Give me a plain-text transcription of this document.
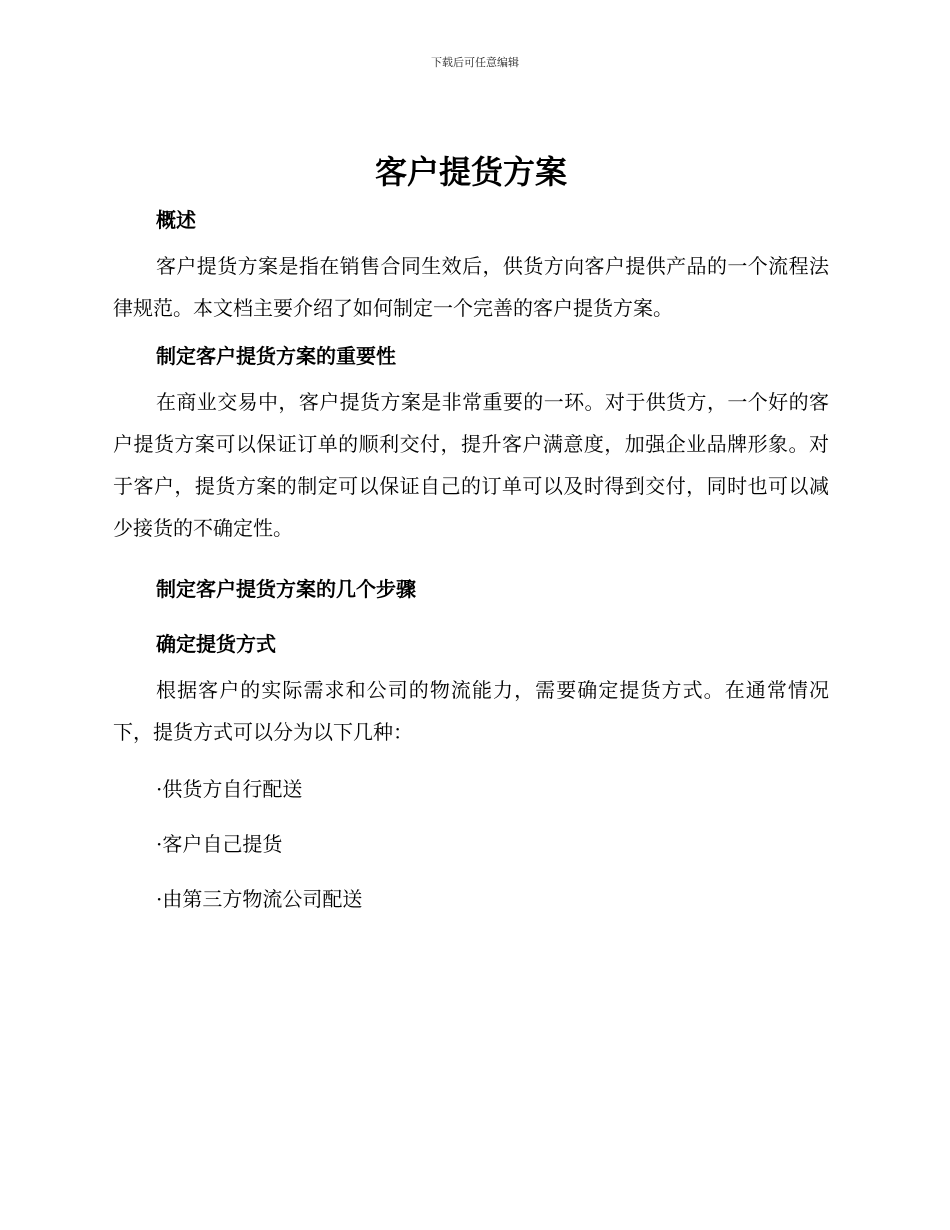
下载后可任意编辑
客户提货方案
概述

客户提货方案是指在销售合同生效后，供货方向客户提供产品的一个流程法律规范。本文档主要介绍了如何制定一个完善的客户提货方案。

制定客户提货方案的重要性

在商业交易中，客户提货方案是非常重要的一环。对于供货方，一个好的客户提货方案可以保证订单的顺利交付，提升客户满意度，加强企业品牌形象。对于客户，提货方案的制定可以保证自己的订单可以及时得到交付，同时也可以减少接货的不确定性。

制定客户提货方案的几个步骤
确定提货方式

根据客户的实际需求和公司的物流能力，需要确定提货方式。在通常情况下，提货方式可以分为以下几种：

·供货方自行配送
·客户自己提货
·由第三方物流公司配送
